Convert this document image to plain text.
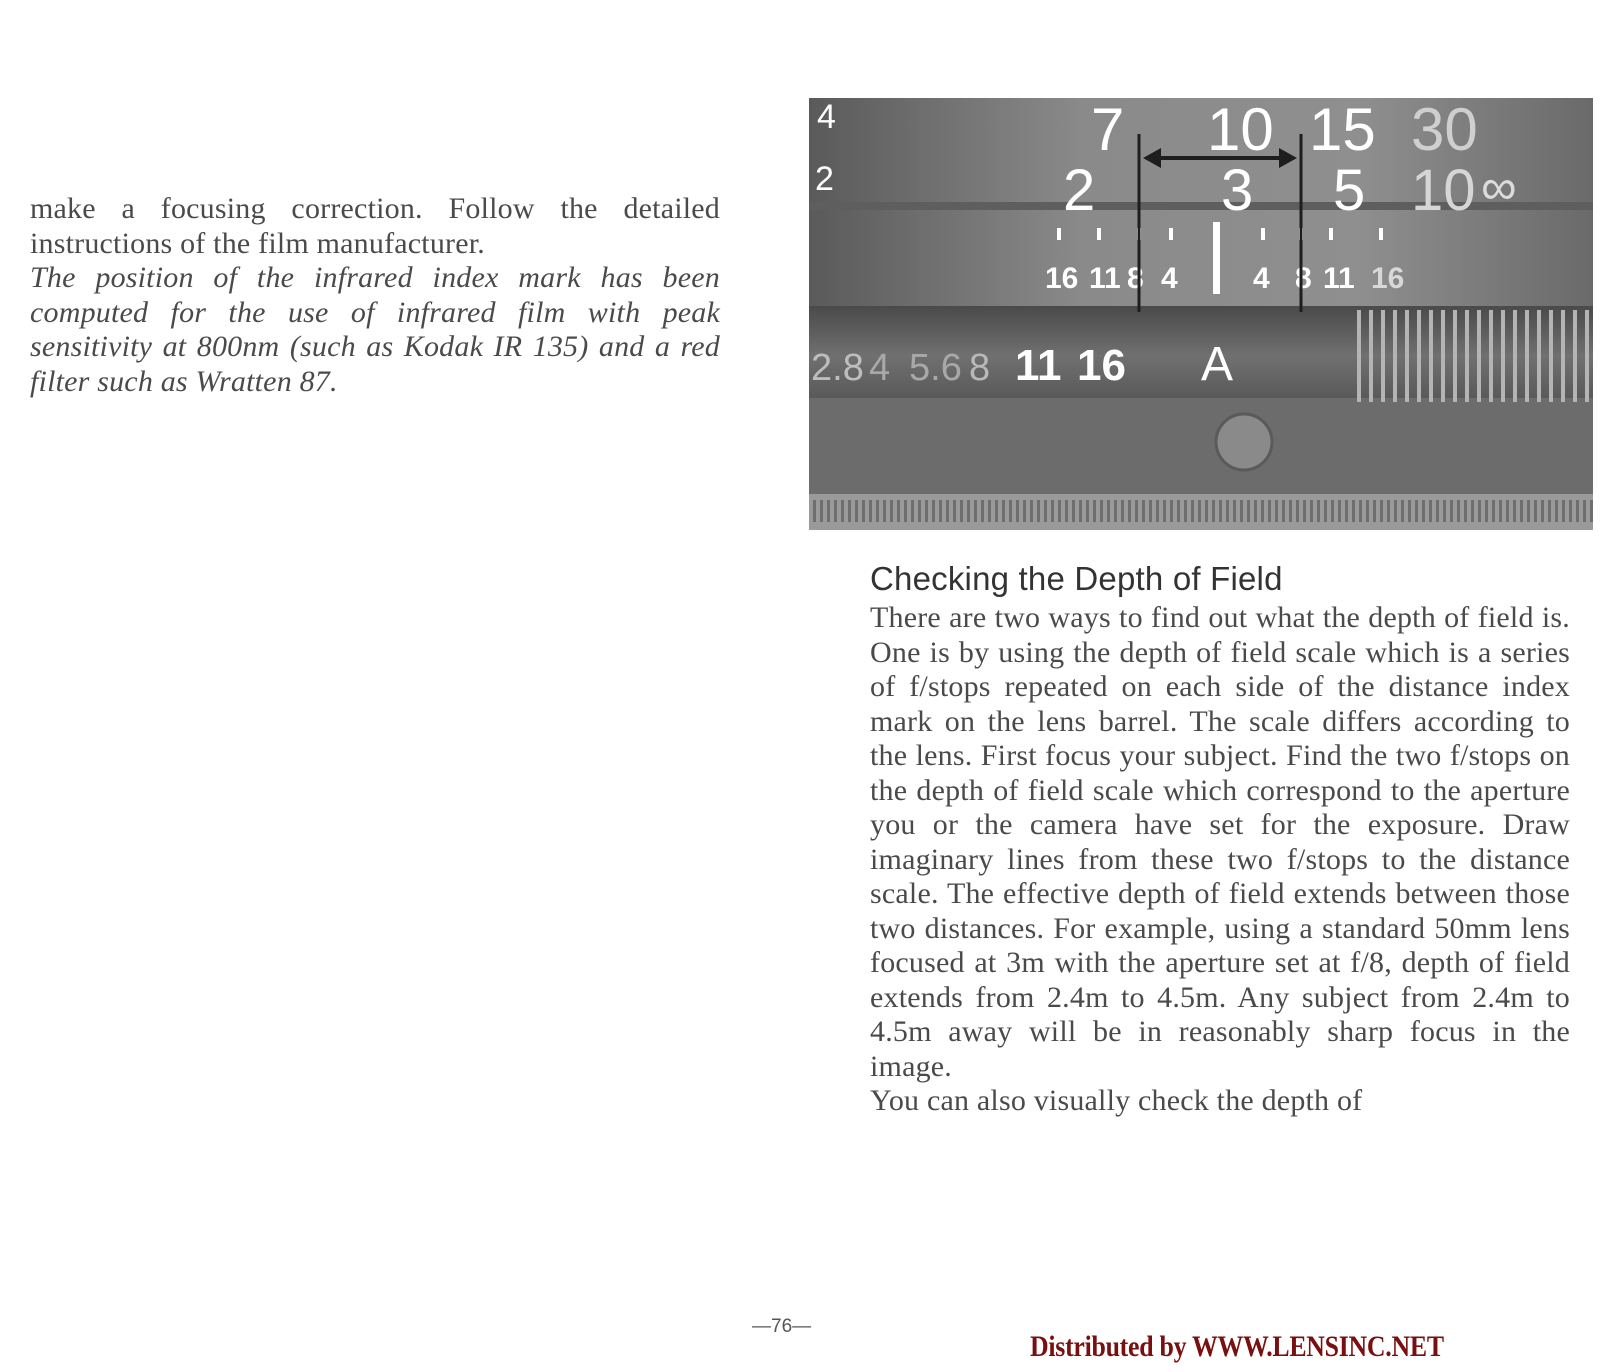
make a focusing correction. Follow the detailed instructions of the film manufacturer.
The position of the infrared index mark has been computed for the use of infrared film with peak sensitivity at 800nm (such as Kodak IR 135) and a red filter such as Wratten 87.
4
2
7 10 15 30
2 3 5 10 ∞
16 11 8 4	4 8 11 16
2.8 4 5.6 8 11 16 A
Checking the Depth of Field
There are two ways to find out what the depth of field is. One is by using the depth of field scale which is a series of f/stops repeated on each side of the distance index mark on the lens barrel. The scale differs according to the lens. First focus your subject. Find the two f/stops on the depth of field scale which correspond to the aperture you or the camera have set for the exposure. Draw imaginary lines from these two f/stops to the distance scale. The effective depth of field extends between those two distances. For example, using a standard 50mm lens focused at 3m with the aperture set at f/8, depth of field extends from 2.4m to 4.5m. Any subject from 2.4m to 4.5m away will be in reasonably sharp focus in the image.
You can also visually check the depth of
—76—
Distributed by WWW.LENSINC.NET
